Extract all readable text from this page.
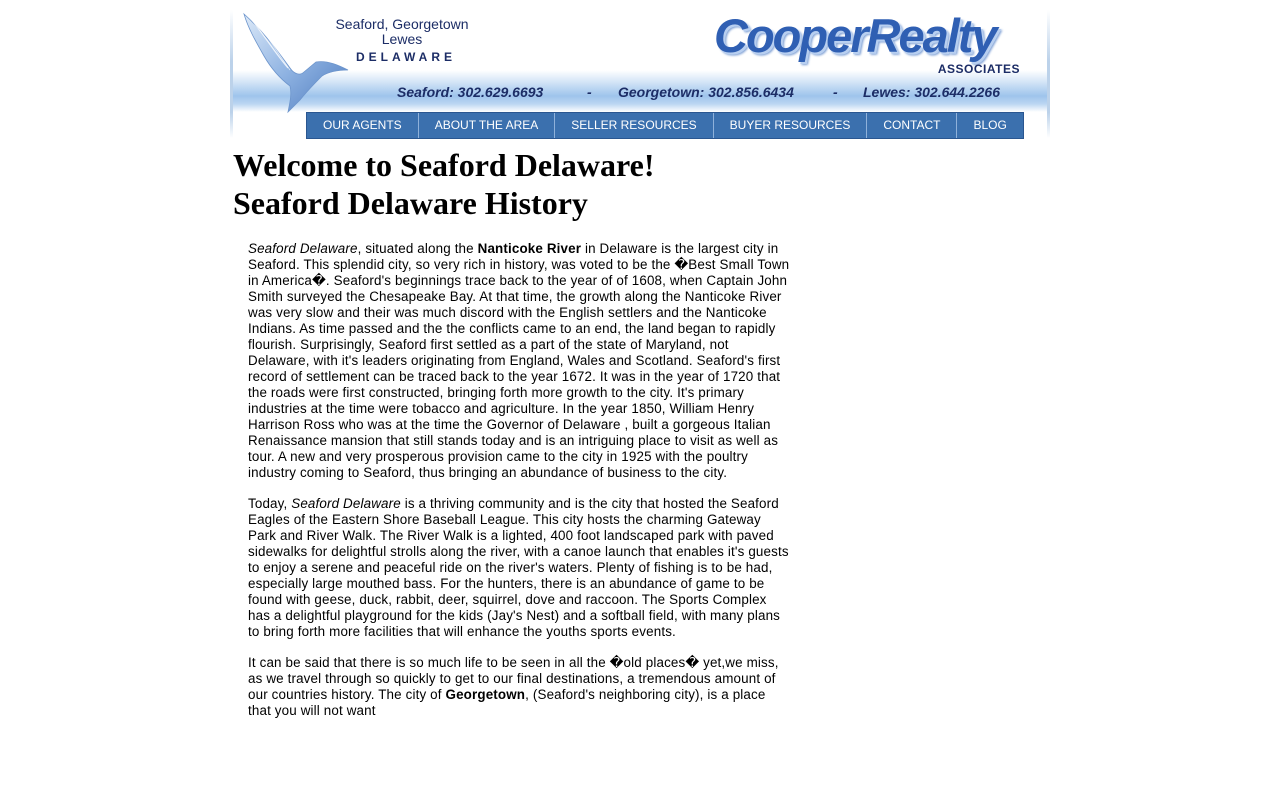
Seaford, Georgetown
Lewes
DELAWARE	CooperRealty
ASSOCIATES
Seaford: 302.629.6693	- Georgetown: 302.856.6434	- Lewes: 302.644.2266
OUR AGENTS	ABOUT THE AREA	SELLER RESOURCES	BUYER RESOURCES	CONTACT	BLOG
Welcome to Seaford Delaware!
Seaford Delaware History

Seaford Delaware, situated along the Nanticoke River in Delaware is the largest city in Seaford. This splendid city, so very rich in history, was voted to be the �Best Small Town in America�. Seaford's beginnings trace back to the year of of 1608, when Captain John Smith surveyed the Chesapeake Bay. At that time, the growth along the Nanticoke River was very slow and their was much discord with the English settlers and the Nanticoke Indians. As time passed and the the conflicts came to an end, the land began to rapidly flourish. Surprisingly, Seaford first settled as a part of the state of Maryland, not Delaware, with it's leaders originating from England, Wales and Scotland. Seaford's first record of settlement can be traced back to the year 1672. It was in the year of 1720 that the roads were first constructed, bringing forth more growth to the city. It's primary industries at the time were tobacco and agriculture. In the year 1850, William Henry Harrison Ross who was at the time the Governor of Delaware , built a gorgeous Italian Renaissance mansion that still stands today and is an intriguing place to visit as well as tour. A new and very prosperous provision came to the city in 1925 with the poultry industry coming to Seaford, thus bringing an abundance of business to the city.

Today, Seaford Delaware is a thriving community and is the city that hosted the Seaford Eagles of the Eastern Shore Baseball League. This city hosts the charming Gateway Park and River Walk. The River Walk is a lighted, 400 foot landscaped park with paved sidewalks for delightful strolls along the river, with a canoe launch that enables it's guests to enjoy a serene and peaceful ride on the river's waters. Plenty of fishing is to be had, especially large mouthed bass. For the hunters, there is an abundance of game to be found with geese, duck, rabbit, deer, squirrel, dove and raccoon. The Sports Complex has a delightful playground for the kids (Jay's Nest) and a softball field, with many plans to bring forth more facilities that will enhance the youths sports events.

It can be said that there is so much life to be seen in all the �old places� yet,we miss, as we travel through so quickly to get to our final destinations, a tremendous amount of our countries history. The city of Georgetown, (Seaford's neighboring city), is a place that you will not want
